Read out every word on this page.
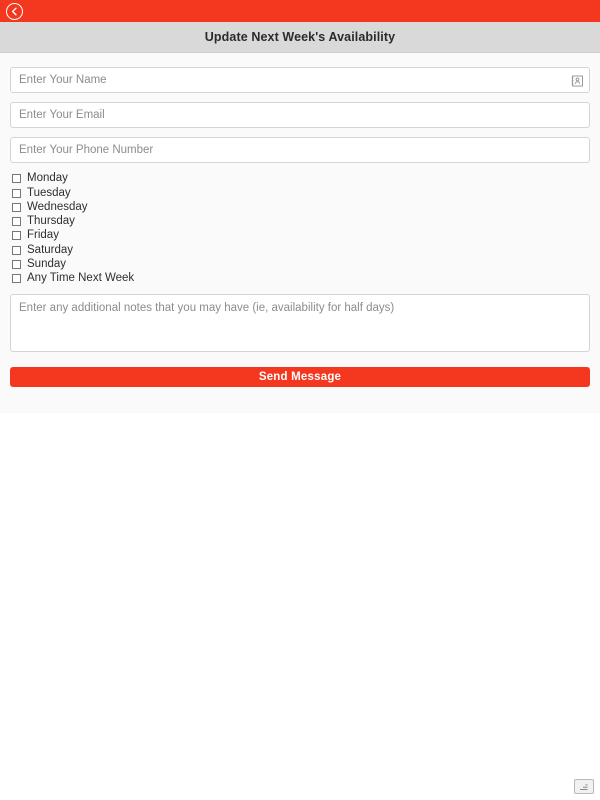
Update Next Week's Availability
Enter Your Name
Enter Your Email
Enter Your Phone Number
Monday
Tuesday
Wednesday
Thursday
Friday
Saturday
Sunday
Any Time Next Week
Enter any additional notes that you may have (ie, availability for half days)
Send Message
